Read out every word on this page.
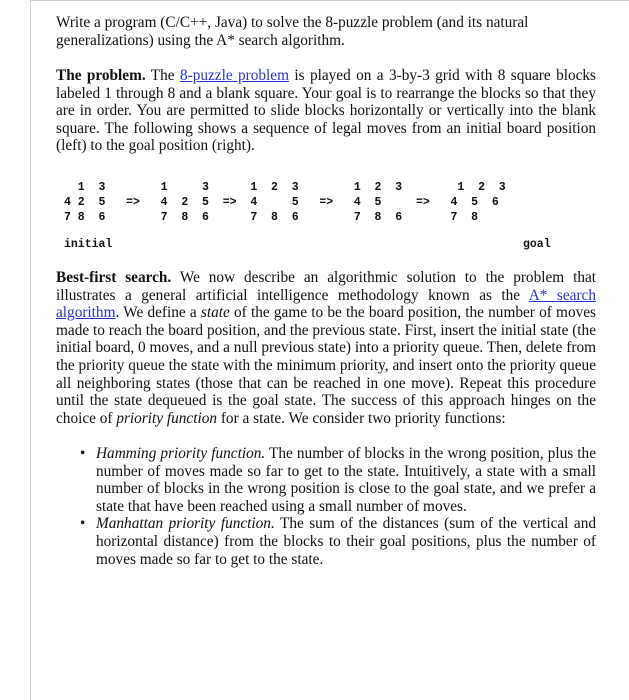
Write a program (C/C++, Java) to solve the 8-puzzle problem (and its natural
generalizations) using the A* search algorithm.
The problem. The 8-puzzle problem is played on a 3-by-3 grid with 8 square blocks labeled 1 through 8 and a blank square. Your goal is to rearrange the blocks so that they are in order. You are permitted to slide blocks horizontally or vertically into the blank square. The following shows a sequence of legal moves from an initial board position (left) to the goal position (right).
1  3        1     3      1  2  3        1  2  3        1  2  3
4 2  5   =>   4  2  5  =>  4     5   =>   4  5     =>   4  5  6
7 8  6        7  8  6      7  8  6        7  8  6       7  8
initial	goal
Best-first search. We now describe an algorithmic solution to the problem that illustrates a general artificial intelligence methodology known as the A* search algorithm. We define a state of the game to be the board position, the number of moves made to reach the board position, and the previous state. First, insert the initial state (the initial board, 0 moves, and a null previous state) into a priority queue. Then, delete from the priority queue the state with the minimum priority, and insert onto the priority queue all neighboring states (those that can be reached in one move). Repeat this procedure until the state dequeued is the goal state. The success of this approach hinges on the choice of priority function for a state. We consider two priority functions:
• Hamming priority function. The number of blocks in the wrong position, plus the number of moves made so far to get to the state. Intuitively, a state with a small number of blocks in the wrong position is close to the goal state, and we prefer a state that have been reached using a small number of moves.
• Manhattan priority function. The sum of the distances (sum of the vertical and horizontal distance) from the blocks to their goal positions, plus the number of moves made so far to get to the state.
